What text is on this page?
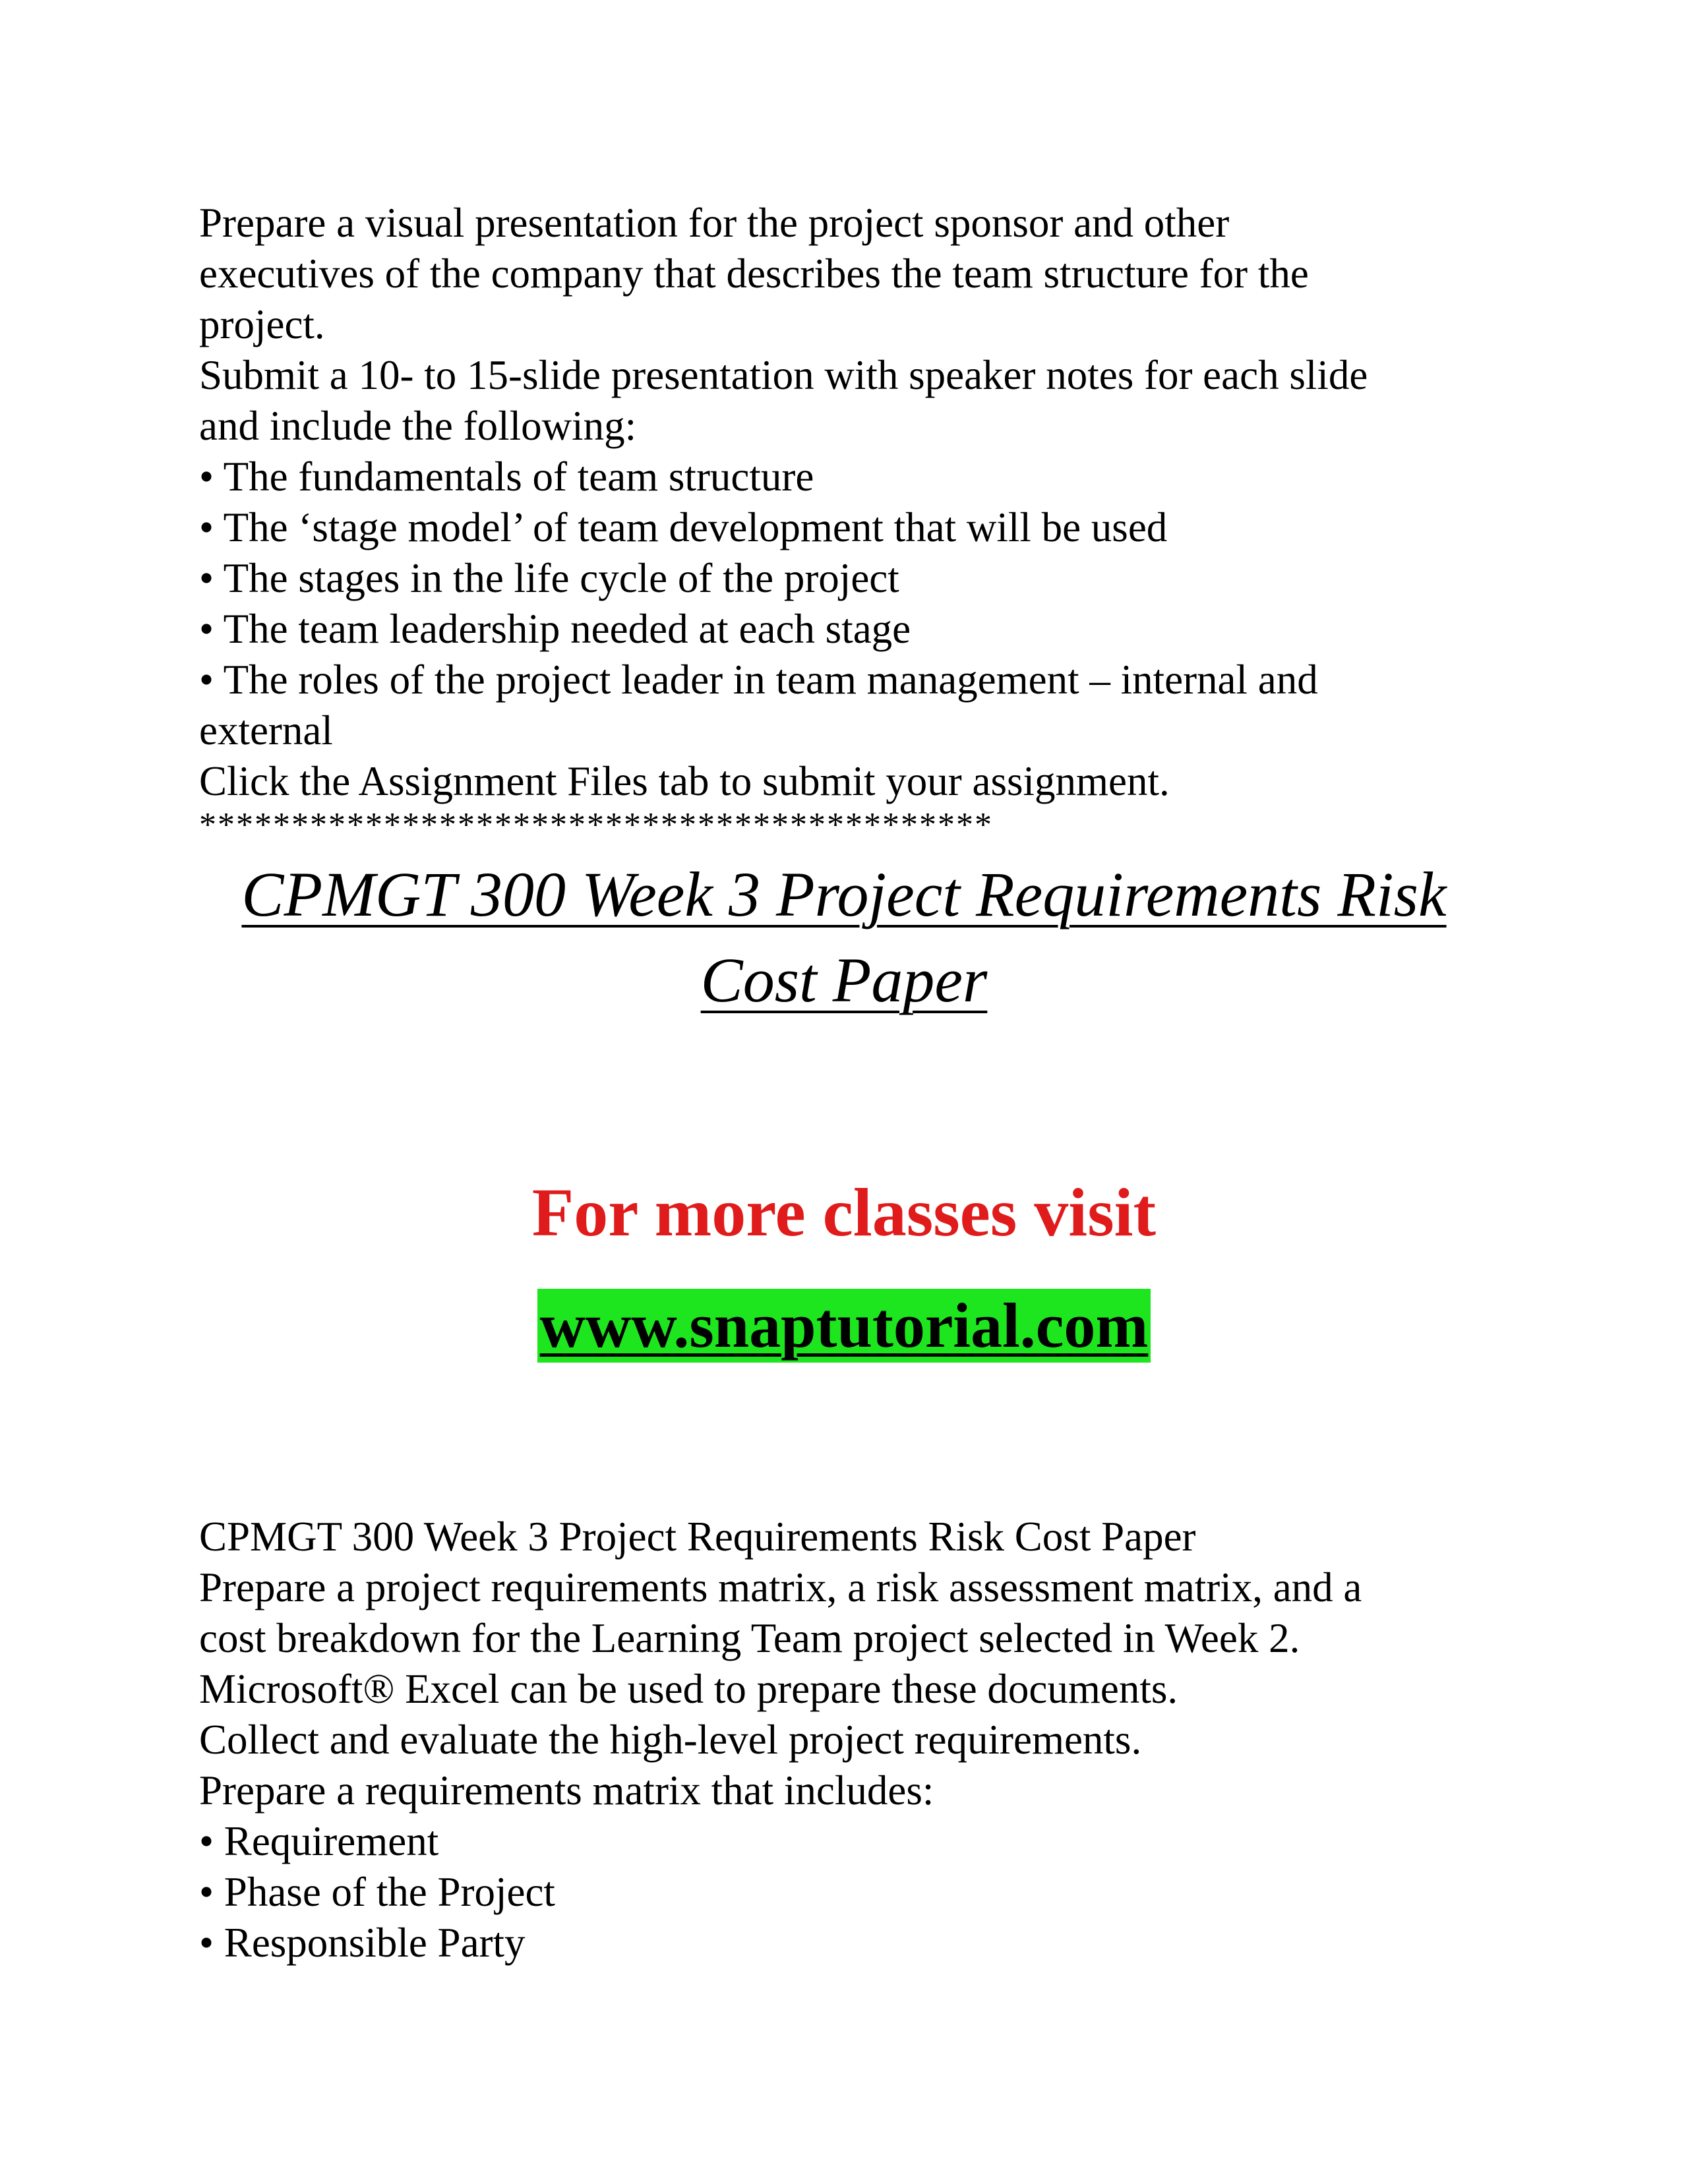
Prepare a visual presentation for the project sponsor and other
executives of the company that describes the team structure for the
project.
Submit a 10- to 15-slide presentation with speaker notes for each slide
and include the following:
• The fundamentals of team structure
• The ‘stage model’ of team development that will be used
• The stages in the life cycle of the project
• The team leadership needed at each stage
• The roles of the project leader in team management – internal and
external
Click the Assignment Files tab to submit your assignment.
*******************************************
CPMGT 300 Week 3 Project Requirements Risk
Cost Paper
For more classes visit
www.snaptutorial.com
CPMGT 300 Week 3 Project Requirements Risk Cost Paper
Prepare a project requirements matrix, a risk assessment matrix, and a
cost breakdown for the Learning Team project selected in Week 2.
Microsoft® Excel can be used to prepare these documents.
Collect and evaluate the high-level project requirements.
Prepare a requirements matrix that includes:
• Requirement
• Phase of the Project
• Responsible Party
